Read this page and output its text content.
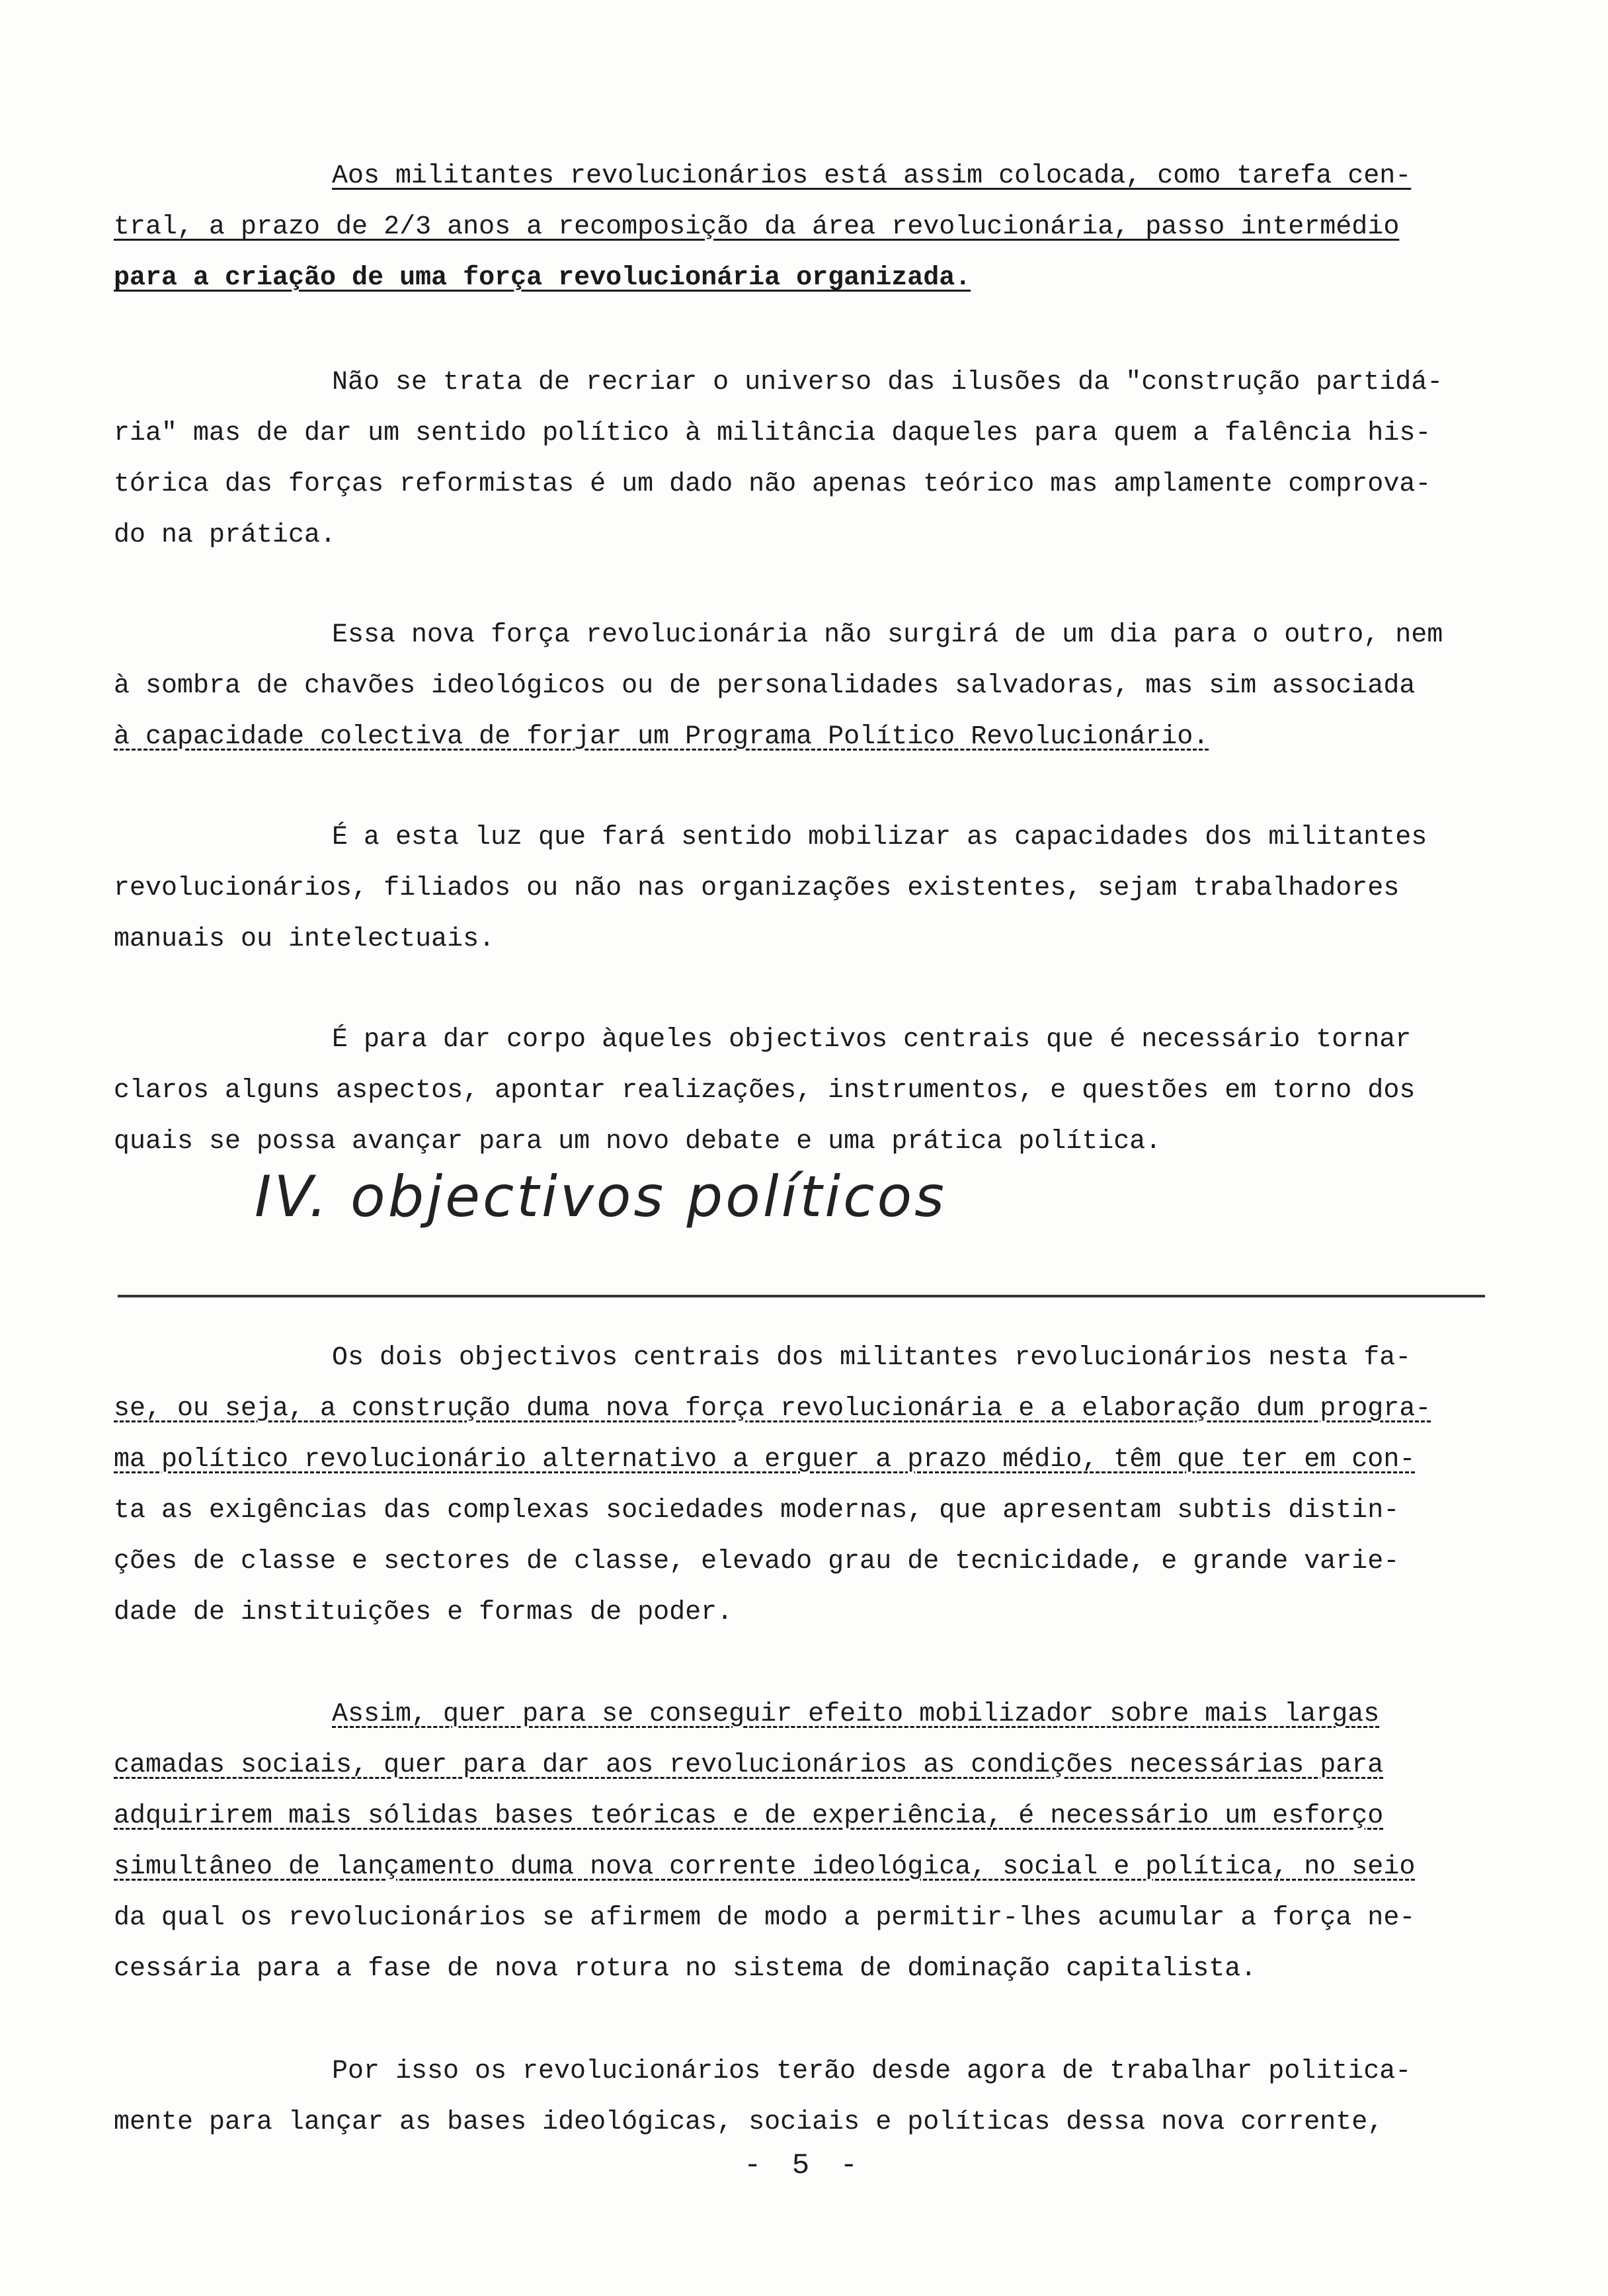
Aos militantes revolucionários está assim colocada, como tarefa cen-
tral, a prazo de 2/3 anos a recomposição da área revolucionária, passo intermédio
para a criação de uma força revolucionária organizada.
Não se trata de recriar o universo das ilusões da "construção partidá-
ria" mas de dar um sentido político à militância daqueles para quem a falência his-
tórica das forças reformistas é um dado não apenas teórico mas amplamente comprova-
do na prática.
Essa nova força revolucionária não surgirá de um dia para o outro, nem
à sombra de chavões ideológicos ou de personalidades salvadoras, mas sim associada
à capacidade colectiva de forjar um Programa Político Revolucionário.
É a esta luz que fará sentido mobilizar as capacidades dos militantes
revolucionários, filiados ou não nas organizações existentes, sejam trabalhadores
manuais ou intelectuais.
É para dar corpo àqueles objectivos centrais que é necessário tornar
claros alguns aspectos, apontar realizações, instrumentos, e questões em torno dos
quais se possa avançar para um novo debate e uma prática política.
IV. objectivos políticos
Os dois objectivos centrais dos militantes revolucionários nesta fa-
se, ou seja, a construção duma nova força revolucionária e a elaboração dum progra-
ma político revolucionário alternativo a erguer a prazo médio, têm que ter em con-
ta as exigências das complexas sociedades modernas, que apresentam subtis distin-
ções de classe e sectores de classe, elevado grau de tecnicidade, e grande varie-
dade de instituições e formas de poder.
Assim, quer para se conseguir efeito mobilizador sobre mais largas
camadas sociais, quer para dar aos revolucionários as condições necessárias para
adquirirem mais sólidas bases teóricas e de experiência, é necessário um esforço
simultâneo de lançamento duma nova corrente ideológica, social e política, no seio
da qual os revolucionários se afirmem de modo a permitir-lhes acumular a força ne-
cessária para a fase de nova rotura no sistema de dominação capitalista.
Por isso os revolucionários terão desde agora de trabalhar politica-
mente para lançar as bases ideológicas, sociais e políticas dessa nova corrente,
- 5 -
